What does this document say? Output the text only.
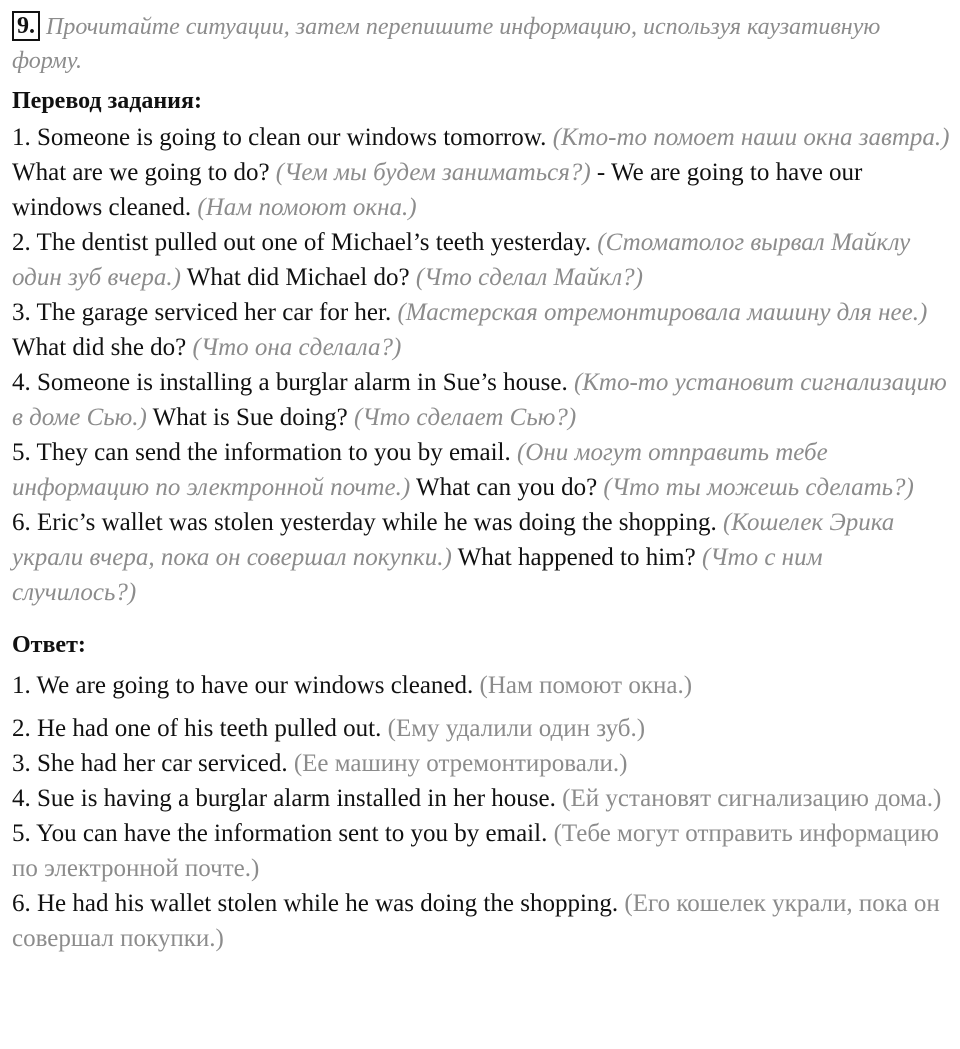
9. Прочитайте ситуации, затем перепишите информацию, используя каузативную форму.

Перевод задания:

1. Someone is going to clean our windows tomorrow. (Кто-то помоет наши окна завтра.) What are we going to do? (Чем мы будем заниматься?) - We are going to have our windows cleaned. (Нам помоют окна.)

2. The dentist pulled out one of Michael’s teeth yesterday. (Стоматолог вырвал Майклу один зуб вчера.) What did Michael do? (Что сделал Майкл?)

3. The garage serviced her car for her. (Мастерская отремонтировала машину для нее.) What did she do? (Что она сделала?)

4. Someone is installing a burglar alarm in Sue’s house. (Кто-то установит сигнализацию в доме Сью.) What is Sue doing? (Что сделает Сью?)

5. They can send the information to you by email. (Они могут отправить тебе информацию по электронной почте.) What can you do? (Что ты можешь сделать?)

6. Eric’s wallet was stolen yesterday while he was doing the shopping. (Кошелек Эрика украли вчера, пока он совершал покупки.) What happened to him? (Что с ним случилось?)

Ответ:

1. We are going to have our windows cleaned. (Нам помоют окна.)

2. He had one of his teeth pulled out. (Ему удалили один зуб.)

3. She had her car serviced. (Ее машину отремонтировали.)

4. Sue is having a burglar alarm installed in her house. (Ей установят сигнализацию дома.)

5. You can have the information sent to you by email. (Тебе могут отправить информацию по электронной почте.)

6. He had his wallet stolen while he was doing the shopping. (Его кошелек украли, пока он совершал покупки.)
